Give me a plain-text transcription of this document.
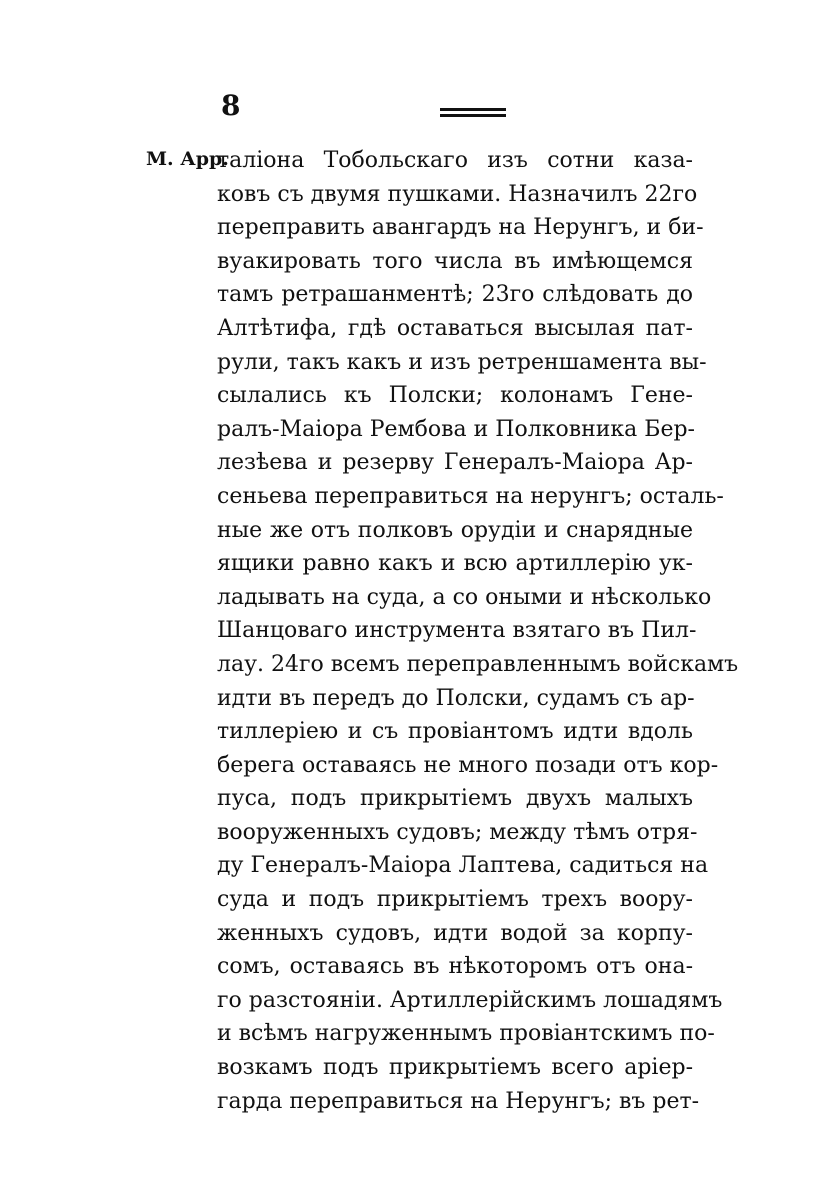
8
М. Арр.
таліона Тобольскаго изъ сотни каза-
ковъ съ двумя пушками. Назначилъ 22го
переправить авангардъ на Нерунгъ, и би-
вуакировать того числа въ имѣющемся
тамъ ретрашанментѣ; 23го слѣдовать до
Алтѣтифа, гдѣ оставаться высылая пат-
рули, такъ какъ и изъ ретреншамента вы-
сылались къ Полски; колонамъ Гене-
ралъ-Маіора Рембова и Полковника Бер-
лезѣева и резерву Генералъ-Маіора Ар-
сеньева переправиться на нерунгъ; осталь-
ные же отъ полковъ орудіи и снарядные
ящики равно какъ и всю артиллерію ук-
ладывать на суда, а со оными и нѣсколько
Шанцоваго инструмента взятаго въ Пил-
лау. 24го всемъ переправленнымъ войскамъ
идти въ передъ до Полски, судамъ съ ар-
тиллеріею и съ провіантомъ идти вдоль
берега оставаясь не много позади отъ кор-
пуса, подъ прикрытіемъ двухъ малыхъ
вооруженныхъ судовъ; между тѣмъ отря-
ду Генералъ-Маіора Лаптева, садиться на
суда и подъ прикрытіемъ трехъ воору-
женныхъ судовъ, идти водой за корпу-
сомъ, оставаясь въ нѣкоторомъ отъ она-
го разстояніи. Артиллерійскимъ лошадямъ
и всѣмъ нагруженнымъ провіантскимъ по-
возкамъ подъ прикрытіемъ всего аріер-
гарда переправиться на Нерунгъ; въ рет-
